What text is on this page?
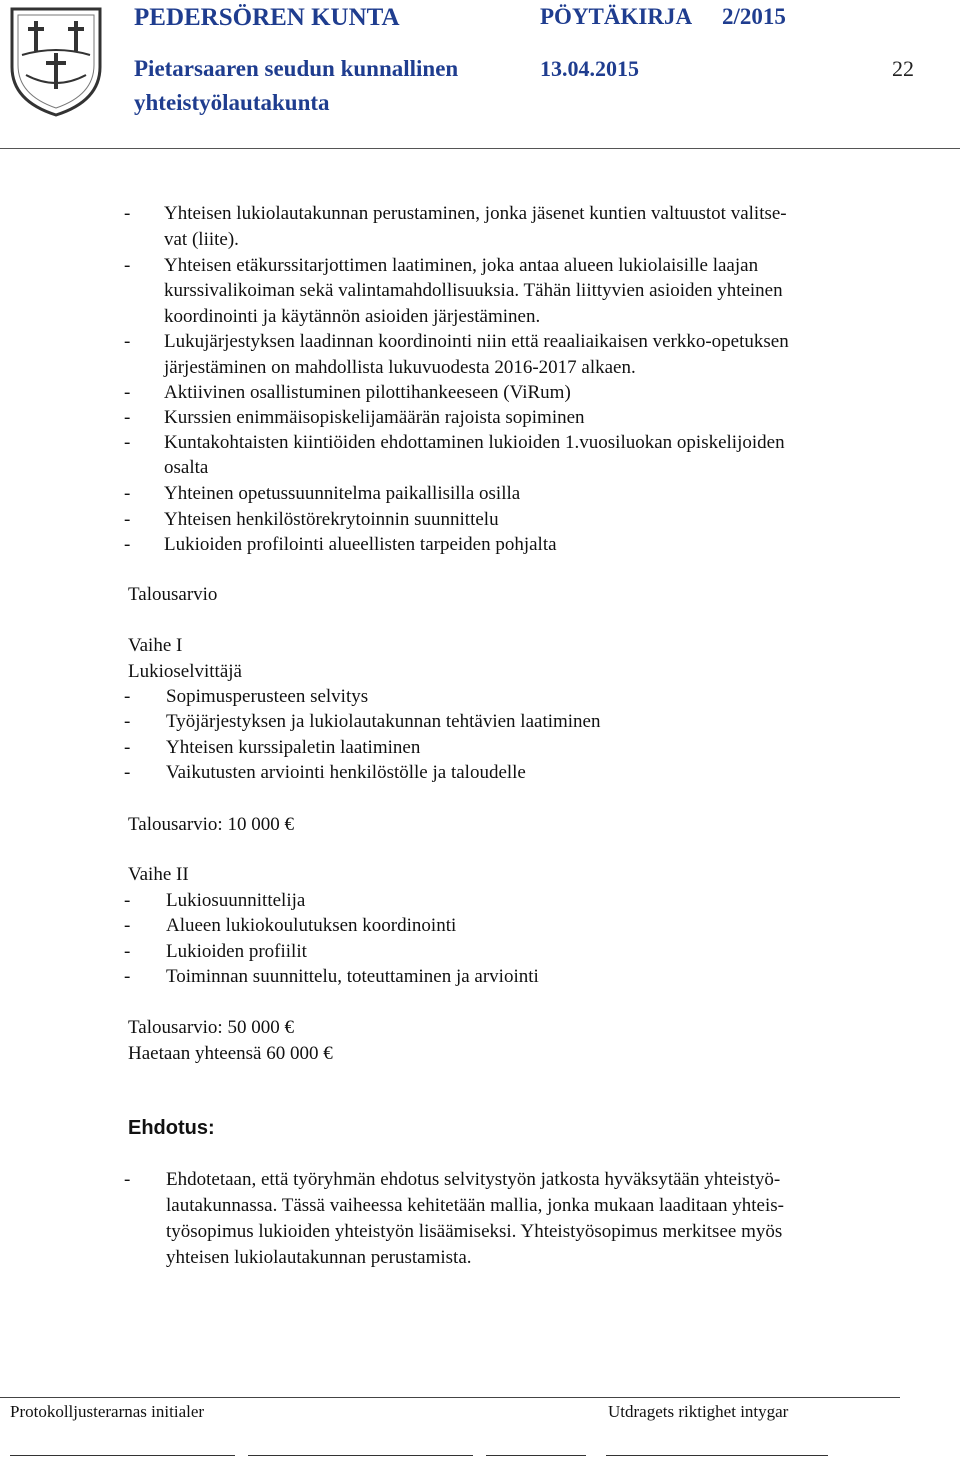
PEDERSÖREN KUNTA
Pietarsaaren seudun kunnallinen
yhteistyölautakunta
PÖYTÄKIRJA 2/2015
13.04.2015	22
- Yhteisen lukiolautakunnan perustaminen, jonka jäsenet kuntien valtuustot valitse-
vat (liite).
- Yhteisen etäkurssitarjottimen laatiminen, joka antaa alueen lukiolaisille laajan
kurssivalikoiman sekä valintamahdollisuuksia. Tähän liittyvien asioiden yhteinen
koordinointi ja käytännön asioiden järjestäminen.
- Lukujärjestyksen laadinnan koordinointi niin että reaaliaikaisen verkko-opetuksen
järjestäminen on mahdollista lukuvuodesta 2016-2017 alkaen.
- Aktiivinen osallistuminen pilottihankeeseen (ViRum)
- Kurssien enimmäisopiskelijamäärän rajoista sopiminen
- Kuntakohtaisten kiintiöiden ehdottaminen lukioiden 1.vuosiluokan opiskelijoiden
osalta
- Yhteinen opetussuunnitelma paikallisilla osilla
- Yhteisen henkilöstörekrytoinnin suunnittelu
- Lukioiden profilointi alueellisten tarpeiden pohjalta
Talousarvio
Vaihe I
Lukioselvittäjä
- Sopimusperusteen selvitys
- Työjärjestyksen ja lukiolautakunnan tehtävien laatiminen
- Yhteisen kurssipaletin laatiminen
- Vaikutusten arviointi henkilöstölle ja taloudelle
Talousarvio: 10 000 €
Vaihe II
- Lukiosuunnittelija
- Alueen lukiokoulutuksen koordinointi
- Lukioiden profiilit
- Toiminnan suunnittelu, toteuttaminen ja arviointi
Talousarvio: 50 000 €
Haetaan yhteensä 60 000 €
Ehdotus:
- Ehdotetaan, että työryhmän ehdotus selvitystyön jatkosta hyväksytään yhteistyö-
lautakunnassa. Tässä vaiheessa kehitetään mallia, jonka mukaan laaditaan yhteis-
työsopimus lukioiden yhteistyön lisäämiseksi. Yhteistyösopimus merkitsee myös
yhteisen lukiolautakunnan perustamista.
Protokolljusterarnas initialer	Utdragets riktighet intygar
